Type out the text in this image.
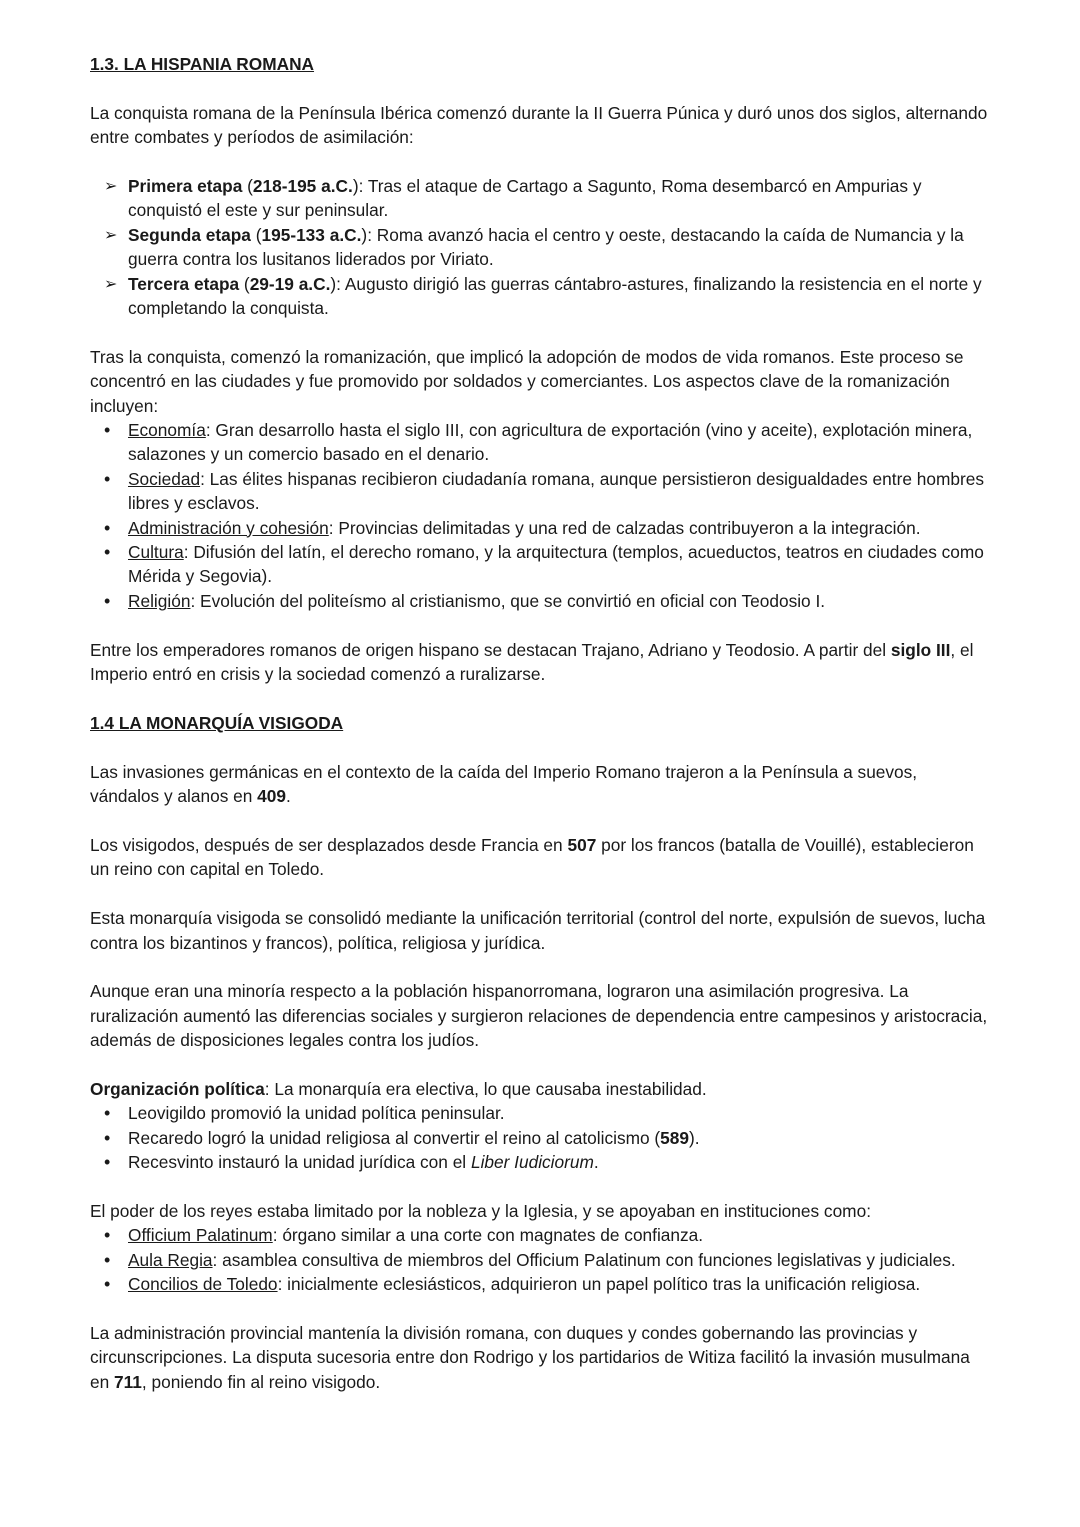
1.3. LA HISPANIA ROMANA

La conquista romana de la Península Ibérica comenzó durante la II Guerra Púnica y duró unos dos siglos, alternando entre combates y períodos de asimilación:

➢ Primera etapa (218-195 a.C.): Tras el ataque de Cartago a Sagunto, Roma desembarcó en Ampurias y conquistó el este y sur peninsular.
➢ Segunda etapa (195-133 a.C.): Roma avanzó hacia el centro y oeste, destacando la caída de Numancia y la guerra contra los lusitanos liderados por Viriato.
➢ Tercera etapa (29-19 a.C.): Augusto dirigió las guerras cántabro-astures, finalizando la resistencia en el norte y completando la conquista.

Tras la conquista, comenzó la romanización, que implicó la adopción de modos de vida romanos. Este proceso se concentró en las ciudades y fue promovido por soldados y comerciantes. Los aspectos clave de la romanización incluyen:

• Economía: Gran desarrollo hasta el siglo III, con agricultura de exportación (vino y aceite), explotación minera, salazones y un comercio basado en el denario.
• Sociedad: Las élites hispanas recibieron ciudadanía romana, aunque persistieron desigualdades entre hombres libres y esclavos.
• Administración y cohesión: Provincias delimitadas y una red de calzadas contribuyeron a la integración.
• Cultura: Difusión del latín, el derecho romano, y la arquitectura (templos, acueductos, teatros en ciudades como Mérida y Segovia).
• Religión: Evolución del politeísmo al cristianismo, que se convirtió en oficial con Teodosio I.

Entre los emperadores romanos de origen hispano se destacan Trajano, Adriano y Teodosio. A partir del siglo III, el Imperio entró en crisis y la sociedad comenzó a ruralizarse.

1.4 LA MONARQUÍA VISIGODA

Las invasiones germánicas en el contexto de la caída del Imperio Romano trajeron a la Península a suevos, vándalos y alanos en 409.

Los visigodos, después de ser desplazados desde Francia en 507 por los francos (batalla de Vouillé), establecieron un reino con capital en Toledo.

Esta monarquía visigoda se consolidó mediante la unificación territorial (control del norte, expulsión de suevos, lucha contra los bizantinos y francos), política, religiosa y jurídica.

Aunque eran una minoría respecto a la población hispanorromana, lograron una asimilación progresiva. La ruralización aumentó las diferencias sociales y surgieron relaciones de dependencia entre campesinos y aristocracia, además de disposiciones legales contra los judíos.

Organización política: La monarquía era electiva, lo que causaba inestabilidad.

• Leovigildo promovió la unidad política peninsular.
• Recaredo logró la unidad religiosa al convertir el reino al catolicismo (589).
• Recesvinto instauró la unidad jurídica con el Liber Iudiciorum.

El poder de los reyes estaba limitado por la nobleza y la Iglesia, y se apoyaban en instituciones como:

• Officium Palatinum: órgano similar a una corte con magnates de confianza.
• Aula Regia: asamblea consultiva de miembros del Officium Palatinum con funciones legislativas y judiciales.
• Concilios de Toledo: inicialmente eclesiásticos, adquirieron un papel político tras la unificación religiosa.

La administración provincial mantenía la división romana, con duques y condes gobernando las provincias y circunscripciones. La disputa sucesoria entre don Rodrigo y los partidarios de Witiza facilitó la invasión musulmana en 711, poniendo fin al reino visigodo.
